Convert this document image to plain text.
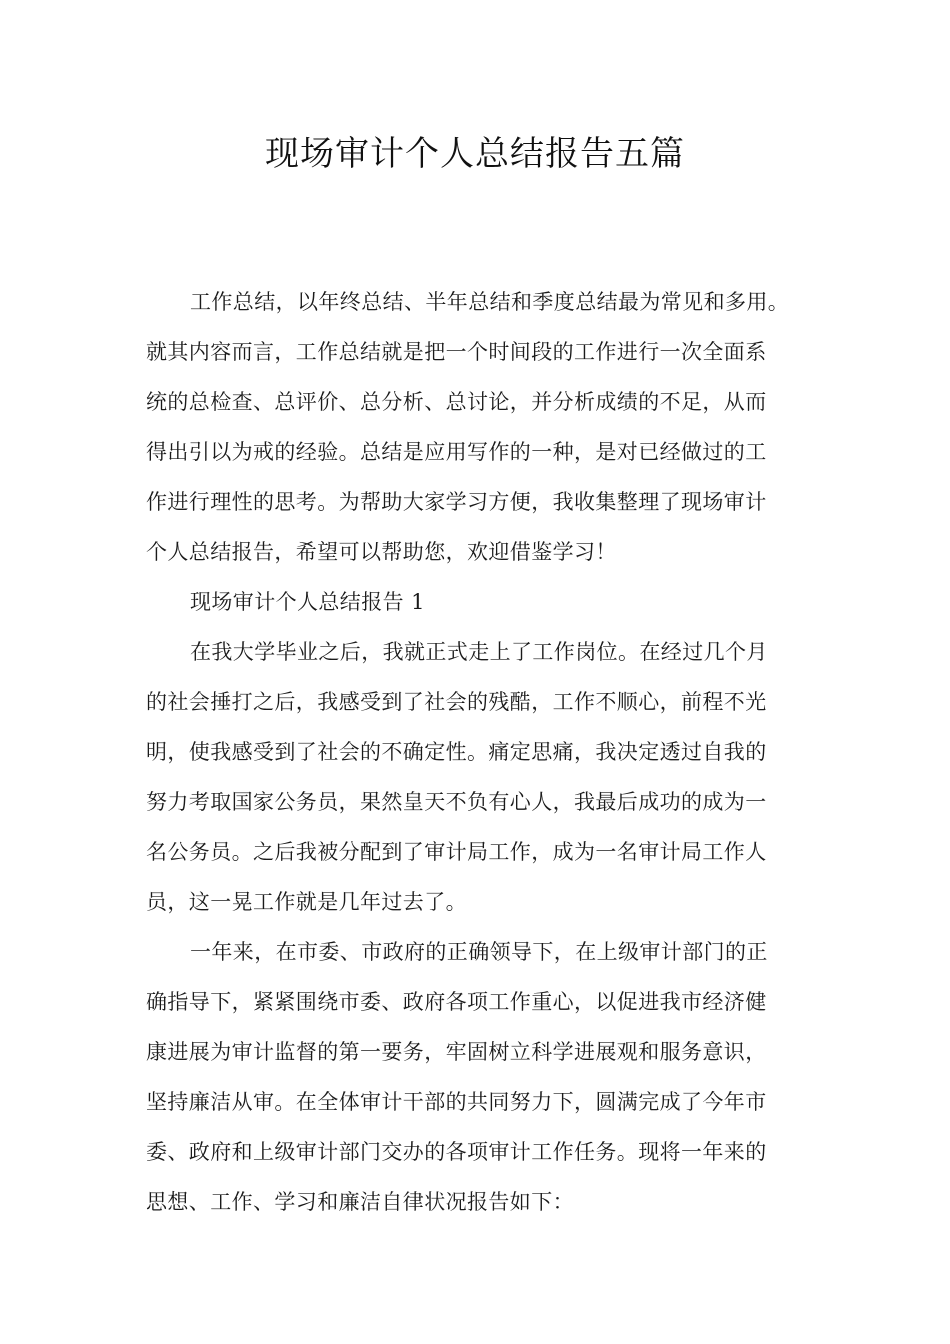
现场审计个人总结报告五篇
工作总结，以年终总结、半年总结和季度总结最为常见和多用。
就其内容而言，工作总结就是把一个时间段的工作进行一次全面系
统的总检查、总评价、总分析、总讨论，并分析成绩的不足，从而
得出引以为戒的经验。总结是应用写作的一种，是对已经做过的工
作进行理性的思考。为帮助大家学习方便，我收集整理了现场审计
个人总结报告，希望可以帮助您，欢迎借鉴学习！
现场审计个人总结报告 1
在我大学毕业之后，我就正式走上了工作岗位。在经过几个月
的社会捶打之后，我感受到了社会的残酷，工作不顺心，前程不光
明，使我感受到了社会的不确定性。痛定思痛，我决定透过自我的
努力考取国家公务员，果然皇天不负有心人，我最后成功的成为一
名公务员。之后我被分配到了审计局工作，成为一名审计局工作人
员，这一晃工作就是几年过去了。
一年来，在市委、市政府的正确领导下，在上级审计部门的正
确指导下，紧紧围绕市委、政府各项工作重心，以促进我市经济健
康进展为审计监督的第一要务，牢固树立科学进展观和服务意识，
坚持廉洁从审。在全体审计干部的共同努力下，圆满完成了今年市
委、政府和上级审计部门交办的各项审计工作任务。现将一年来的
思想、工作、学习和廉洁自律状况报告如下：
